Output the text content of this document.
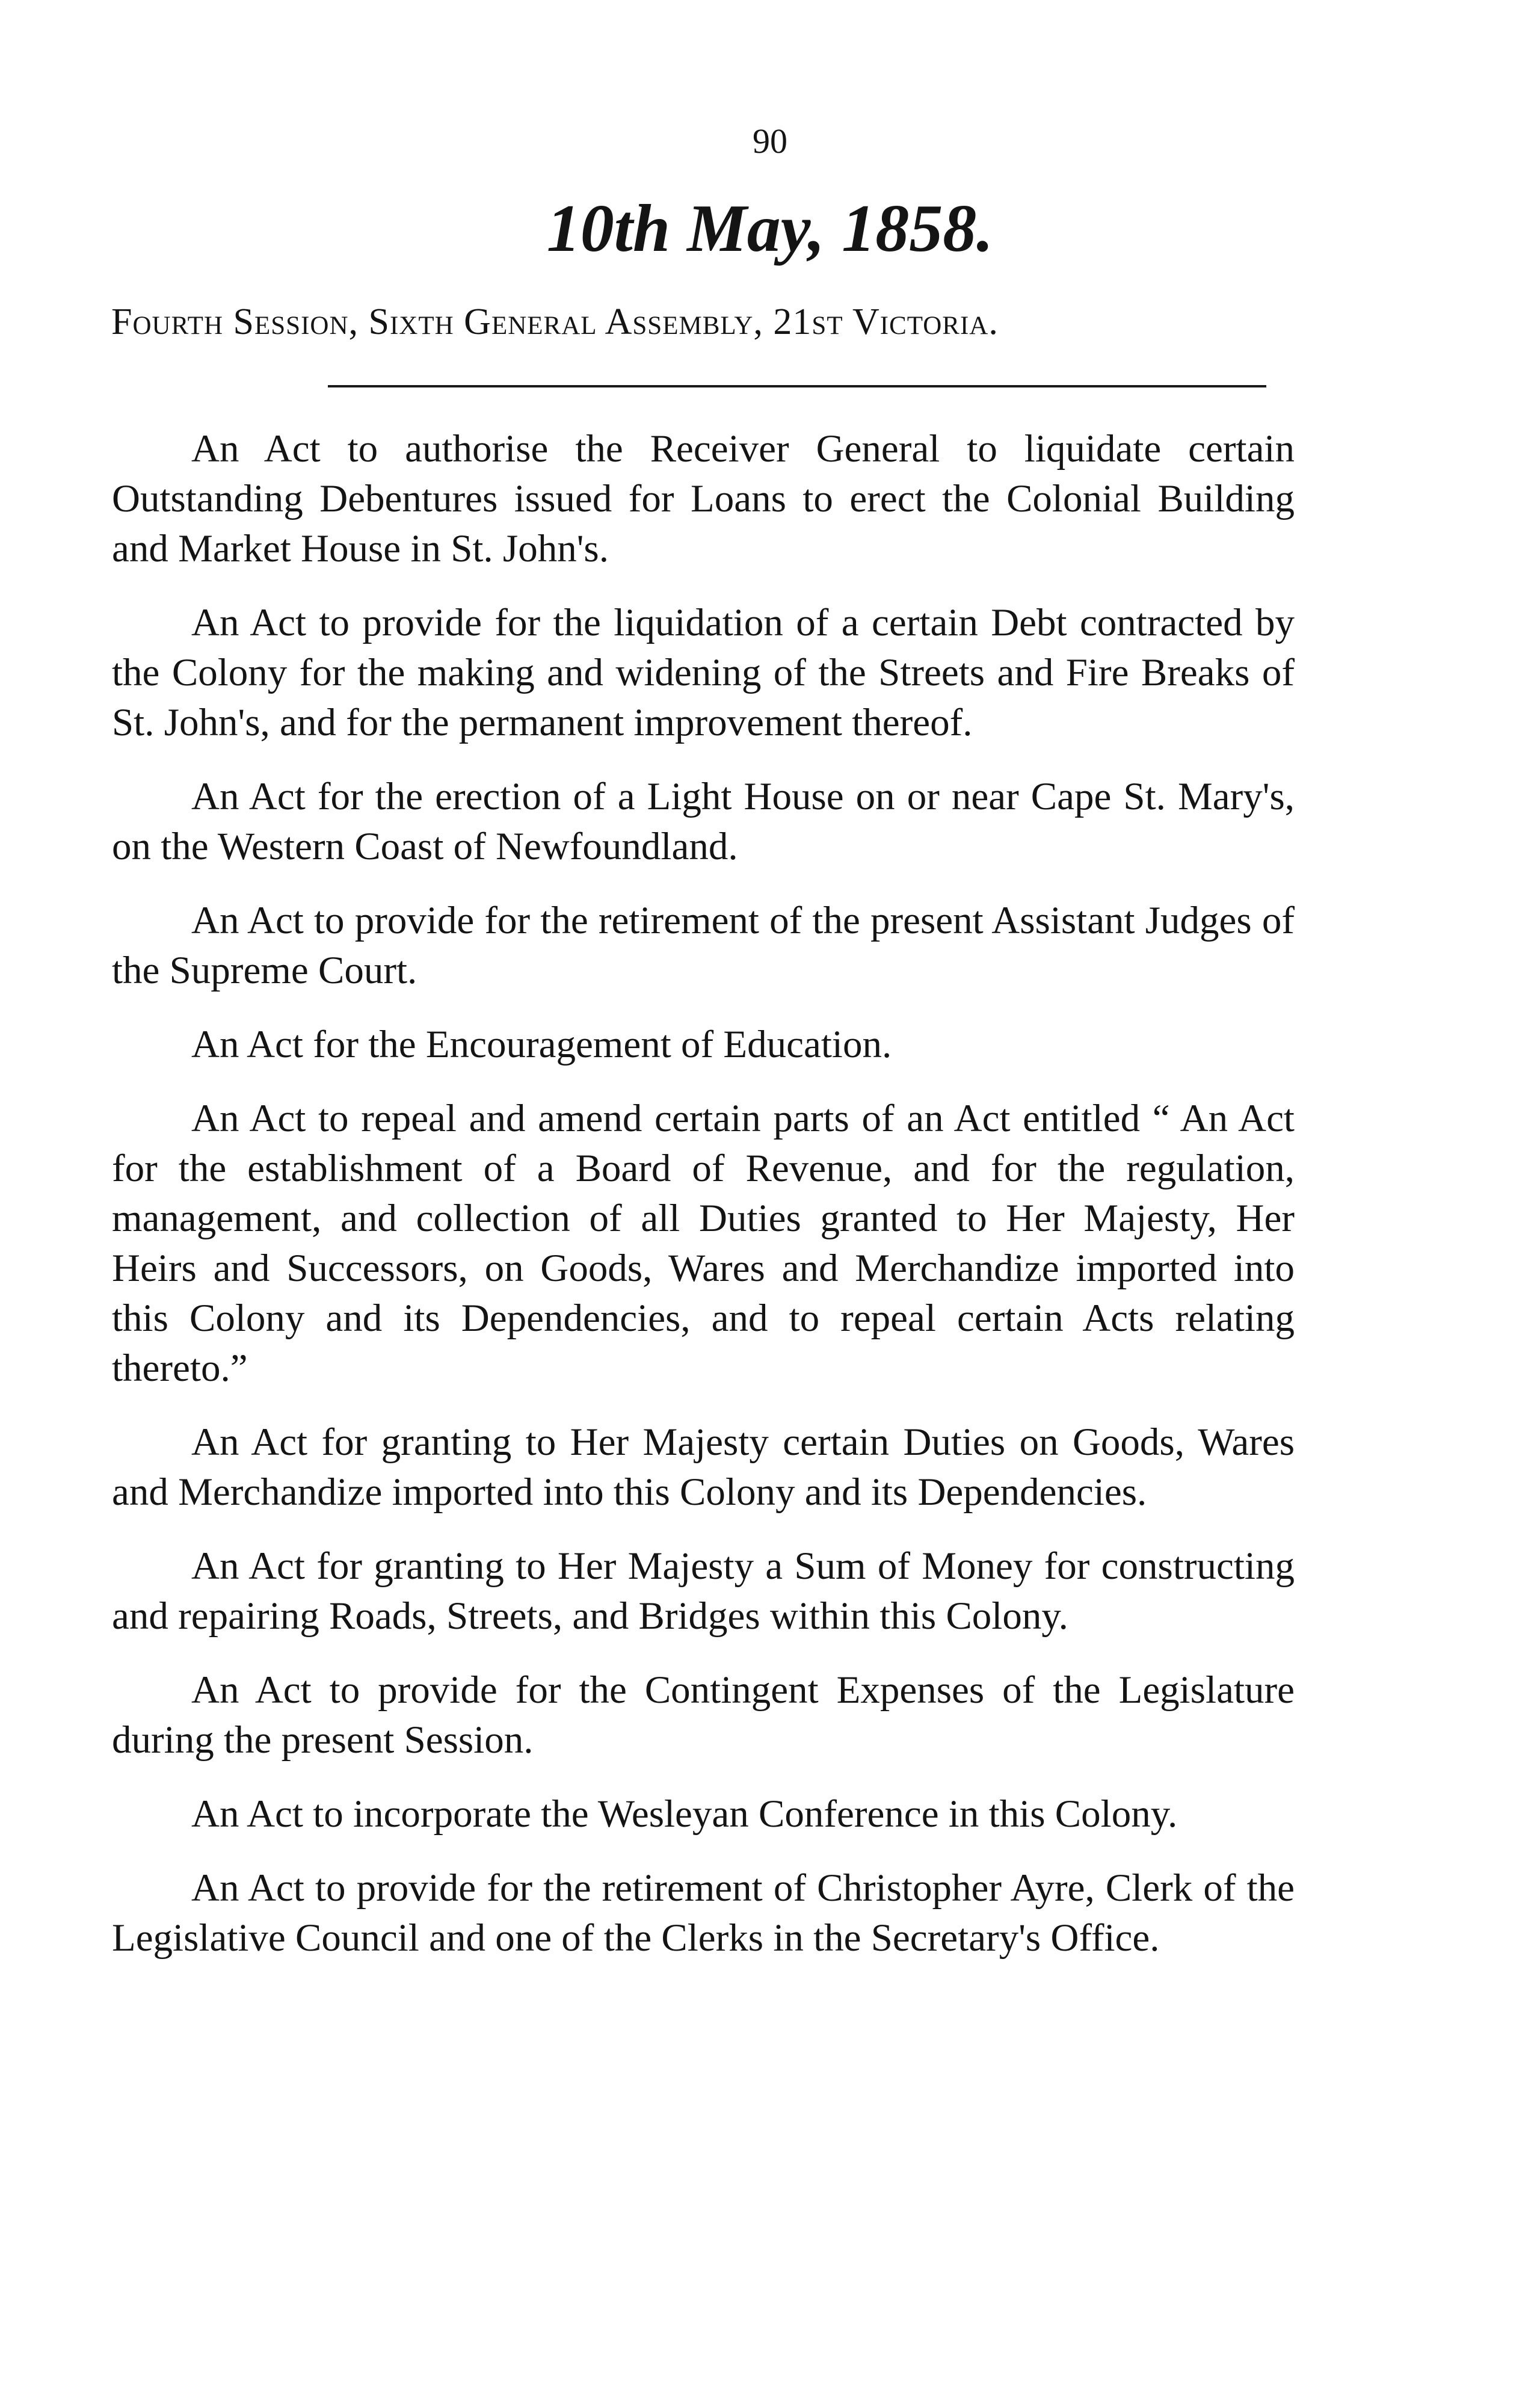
90
10th May, 1858.
Fourth Session, Sixth General Assembly, 21st Victoria.
An Act to authorise the Receiver General to liquidate certain Outstanding Debentures issued for Loans to erect the Colonial Building and Market House in St. John's.
An Act to provide for the liquidation of a certain Debt contracted by the Colony for the making and widening of the Streets and Fire Breaks of St. John's, and for the permanent improvement thereof.
An Act for the erection of a Light House on or near Cape St. Mary's, on the Western Coast of Newfoundland.
An Act to provide for the retirement of the present Assistant Judges of the Supreme Court.
An Act for the Encouragement of Education.
An Act to repeal and amend certain parts of an Act entitled “ An Act for the establishment of a Board of Revenue, and for the regulation, management, and collection of all Duties granted to Her Majesty, Her Heirs and Successors, on Goods, Wares and Merchandize imported into this Colony and its Dependencies, and to repeal certain Acts relating thereto.”
An Act for granting to Her Majesty certain Duties on Goods, Wares and Merchandize imported into this Colony and its Dependencies.
An Act for granting to Her Majesty a Sum of Money for constructing and repairing Roads, Streets, and Bridges within this Colony.
An Act to provide for the Contingent Expenses of the Legislature during the present Session.
An Act to incorporate the Wesleyan Conference in this Colony.
An Act to provide for the retirement of Christopher Ayre, Clerk of the Legislative Council and one of the Clerks in the Secretary's Office.
